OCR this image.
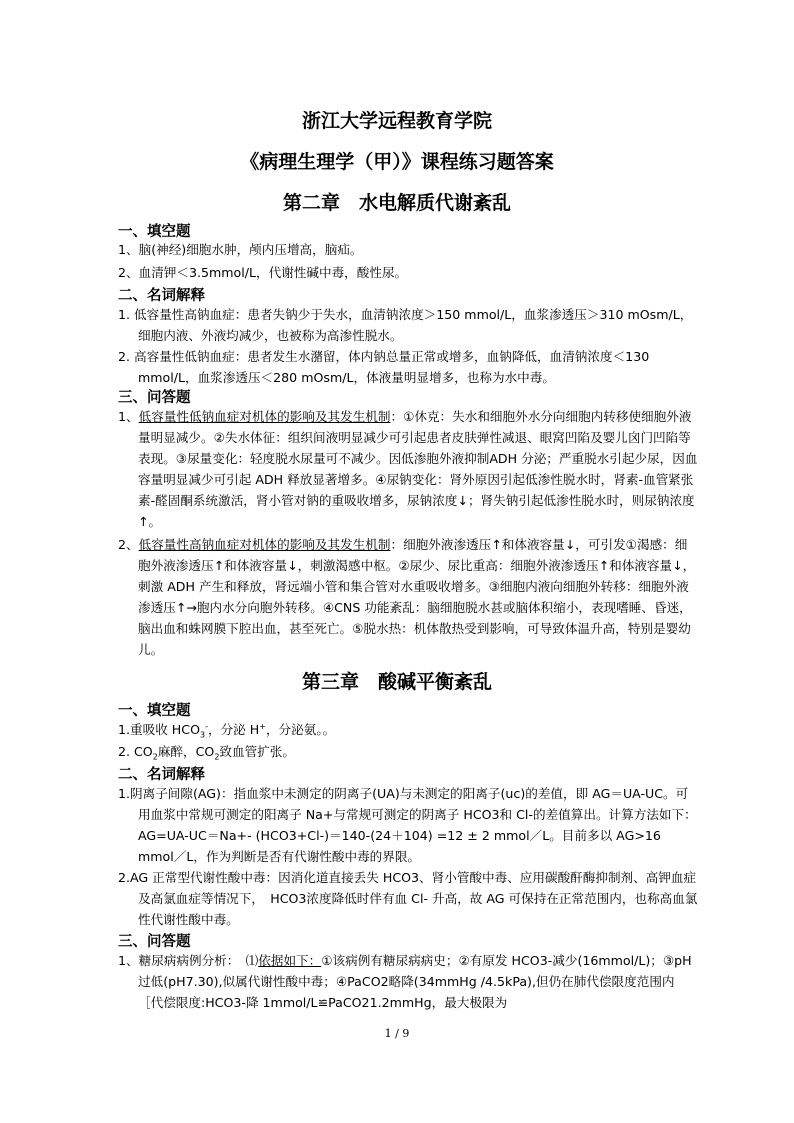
浙江大学远程教育学院
《病理生理学（甲）》课程练习题答案
第二章　水电解质代谢紊乱
一、填空题

1、脑(神经)细胞水肿，颅内压增高，脑疝。

2、血清钾＜3.5mmol/L，代谢性碱中毒，酸性尿。

二、名词解释

1. 低容量性高钠血症：患者失钠少于失水，血清钠浓度＞150 mmol/L，血浆渗透压＞310 mOsm/L，细胞内液、外液均减少，也被称为高渗性脱水。

2. 高容量性低钠血症：患者发生水潴留，体内钠总量正常或增多，血钠降低，血清钠浓度＜130 mmol/L，血浆渗透压＜280 mOsm/L，体液量明显增多，也称为水中毒。

三、问答题

1、低容量性低钠血症对机体的影响及其发生机制：①休克：失水和细胞外水分向细胞内转移使细胞外液量明显减少。②失水体征：组织间液明显减少可引起患者皮肤弹性减退、眼窝凹陷及婴儿囟门凹陷等表现。③尿量变化：轻度脱水尿量可不减少。因低渗胞外液抑制ADH 分泌；严重脱水引起少尿，因血容量明显减少可引起 ADH 释放显著增多。④尿钠变化：肾外原因引起低渗性脱水时，肾素-血管紧张素-醛固酮系统激活，肾小管对钠的重吸收增多，尿钠浓度↓；肾失钠引起低渗性脱水时，则尿钠浓度↑。

2、低容量性高钠血症对机体的影响及其发生机制：细胞外液渗透压↑和体液容量↓，可引发①渴感：细胞外液渗透压↑和体液容量↓，刺激渴感中枢。②尿少、尿比重高：细胞外液渗透压↑和体液容量↓，刺激 ADH 产生和释放，肾远端小管和集合管对水重吸收增多。③细胞内液向细胞外转移：细胞外液渗透压↑→胞内水分向胞外转移。④CNS 功能紊乱：脑细胞脱水甚或脑体积缩小，表现嗜睡、昏迷，脑出血和蛛网膜下腔出血，甚至死亡。⑤脱水热：机体散热受到影响，可导致体温升高，特别是婴幼儿。

第三章　酸碱平衡紊乱
一、填空题

1.重吸收 $HCO_3^-$，分泌 H+，分泌氨。。

2. $CO_2$麻醉，$CO_2$致血管扩张。

二、名词解释

1.阴离子间隙(AG)：指血浆中未测定的阴离子(UA)与未测定的阳离子(uc)的差值，即 AG＝UA-UC。可用血浆中常规可测定的阳离子 Na+与常规可测定的阴离子 HCO3和 Cl-的差值算出。计算方法如下：　AG=UA-UC＝Na+- (HCO3+Cl-)＝140-(24＋104) =12 ± 2 mmol／L。目前多以 AG>16 mmol／L，作为判断是否有代谢性酸中毒的界限。

2.AG 正常型代谢性酸中毒：因消化道直接丢失 HCO3、肾小管酸中毒、应用碳酸酐酶抑制剂、高钾血症及高氯血症等情况下，　HCO3浓度降低时伴有血 Cl- 升高，故 AG 可保持在正常范围内，也称高血氯性代谢性酸中毒。

三、问答题

1、糖尿病病例分析：　⑴依据如下：①该病例有糖尿病病史；②有原发 HCO3-减少(16mmol/L)；③pH 过低(pH7.30),似属代谢性酸中毒；④PaCO2略降(34mmHg /4.5kPa),但仍在肺代偿限度范围内［代偿限度:HCO3-降 1mmol/L≌PaCO21.2mmHg，最大极限为

1 / 9
